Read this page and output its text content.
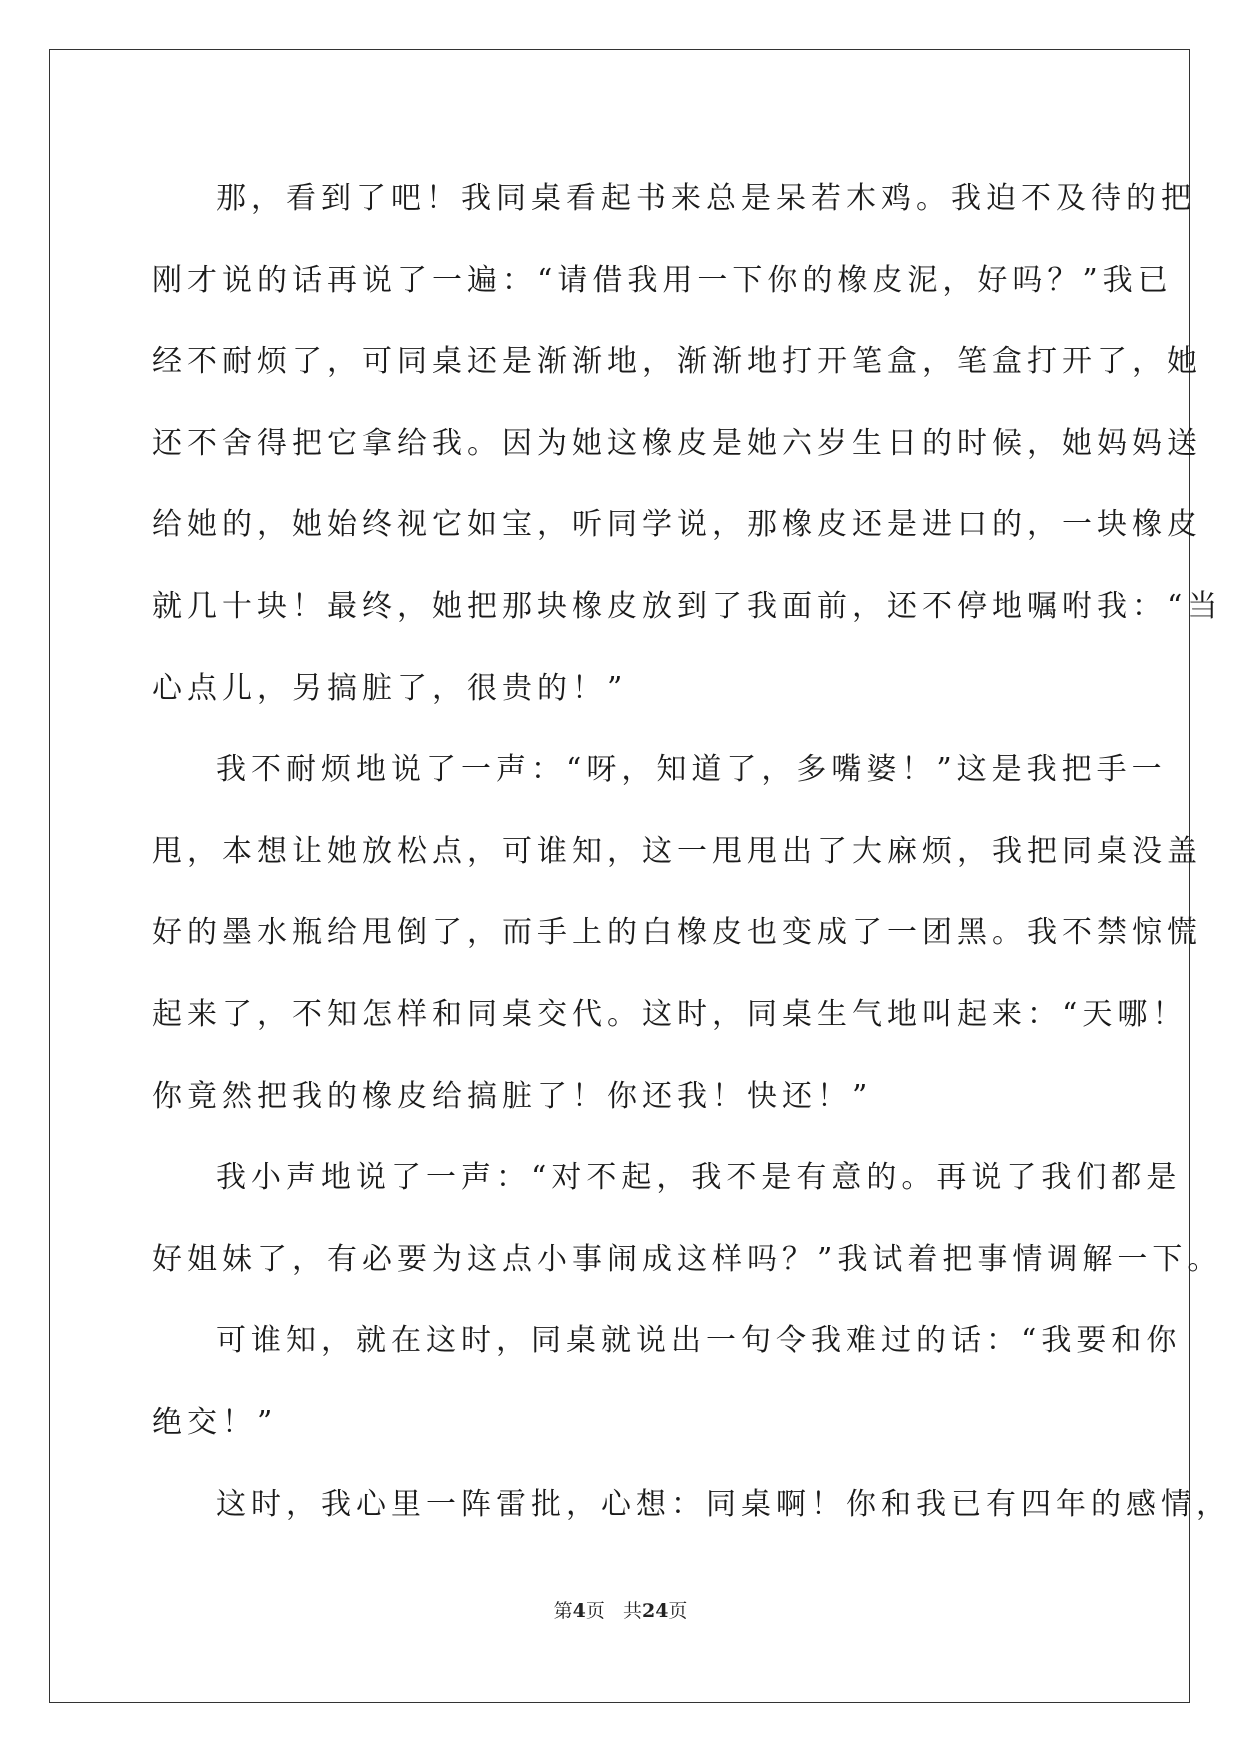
那，看到了吧！我同桌看起书来总是呆若木鸡。我迫不及待的把
刚才说的话再说了一遍：“请借我用一下你的橡皮泥，好吗？”我已
经不耐烦了，可同桌还是渐渐地，渐渐地打开笔盒，笔盒打开了，她
还不舍得把它拿给我。因为她这橡皮是她六岁生日的时候，她妈妈送
给她的，她始终视它如宝，听同学说，那橡皮还是进口的，一块橡皮
就几十块！最终，她把那块橡皮放到了我面前，还不停地嘱咐我：“当
心点儿，另搞脏了，很贵的！”
我不耐烦地说了一声：“呀，知道了，多嘴婆！”这是我把手一
甩，本想让她放松点，可谁知，这一甩甩出了大麻烦，我把同桌没盖
好的墨水瓶给甩倒了，而手上的白橡皮也变成了一团黑。我不禁惊慌
起来了，不知怎样和同桌交代。这时，同桌生气地叫起来：“天哪！
你竟然把我的橡皮给搞脏了！你还我！快还！”
我小声地说了一声：“对不起，我不是有意的。再说了我们都是
好姐妹了，有必要为这点小事闹成这样吗？”我试着把事情调解一下。
可谁知，就在这时，同桌就说出一句令我难过的话：“我要和你
绝交！”
这时，我心里一阵雷批，心想：同桌啊！你和我已有四年的感情，
第4页 共24页
